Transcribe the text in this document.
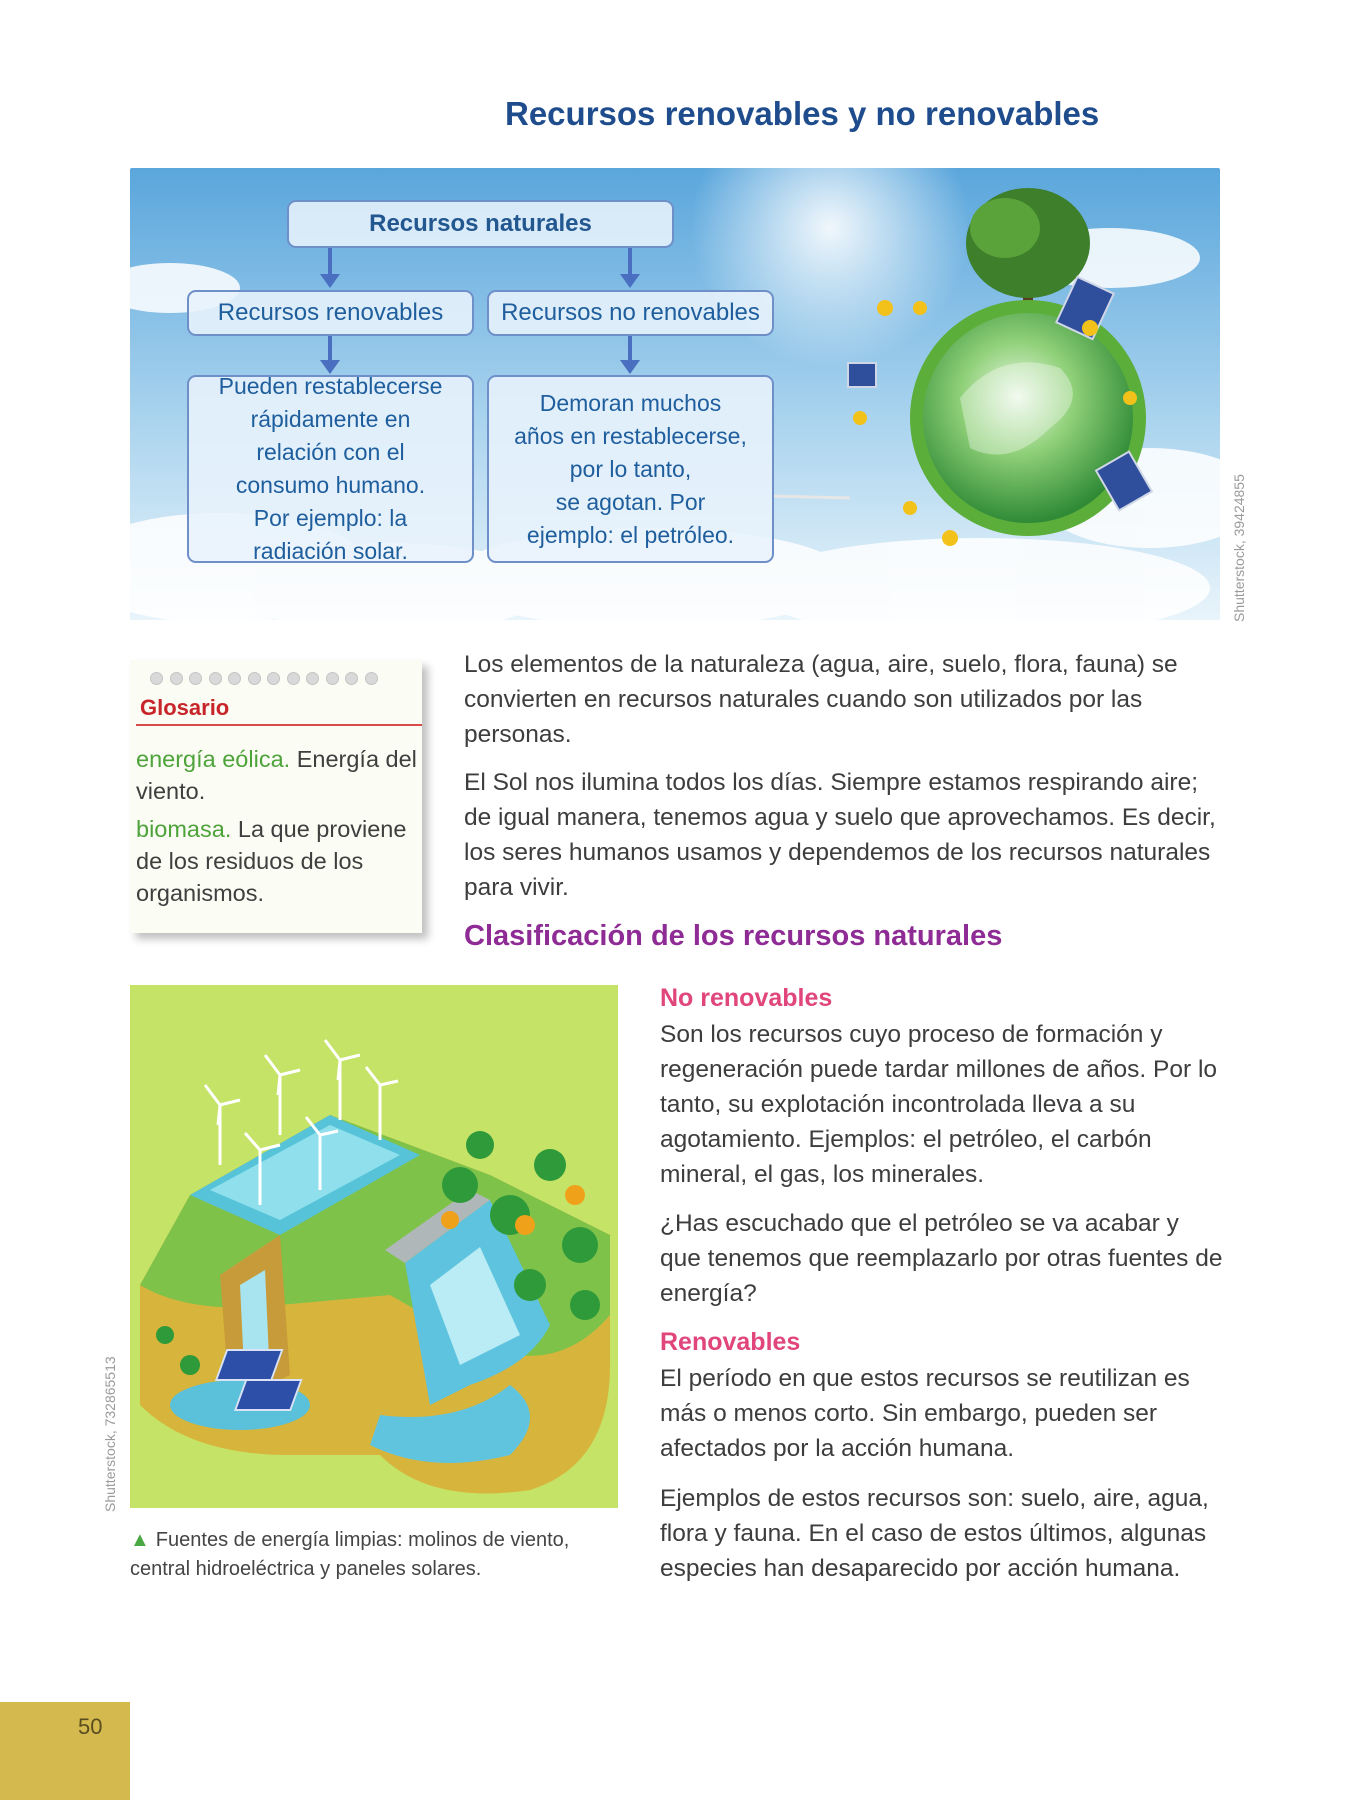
Recursos renovables y no renovables
Recursos naturales
Recursos renovables	Recursos no renovables
Pueden restablecerse
rápidamente en
relación con el
consumo humano.
Por ejemplo: la
radiación solar.
Demoran muchos
años en restablecerse,
por lo tanto,
se agotan. Por
ejemplo: el petróleo.	Shutterstock, 39424855
Glosario

energía eólica. Energía del viento.

biomasa. La que proviene de los residuos de los organismos.

Los elementos de la naturaleza (agua, aire, suelo, flora, fauna) se convierten en recursos naturales cuando son utilizados por las personas.
El Sol nos ilumina todos los días. Siempre estamos respirando aire; de igual manera, tenemos agua y suelo que aprovechamos. Es decir, los seres humanos usamos y dependemos de los recursos naturales para vivir.
Clasificación de los recursos naturales
Shutterstock, 732865513
▲ Fuentes de energía limpias: molinos de viento, central hidroeléctrica y paneles solares.
No renovables
Son los recursos cuyo proceso de formación y regeneración puede tardar millones de años. Por lo tanto, su explotación incontrolada lleva a su agotamiento. Ejemplos: el petróleo, el carbón mineral, el gas, los minerales.
¿Has escuchado que el petróleo se va acabar y que tenemos que reemplazarlo por otras fuentes de energía?
Renovables
El período en que estos recursos se reutilizan es más o menos corto. Sin embargo, pueden ser afectados por la acción humana.
Ejemplos de estos recursos son: suelo, aire, agua, flora y fauna. En el caso de estos últimos, algunas especies han desaparecido por acción humana.
50
